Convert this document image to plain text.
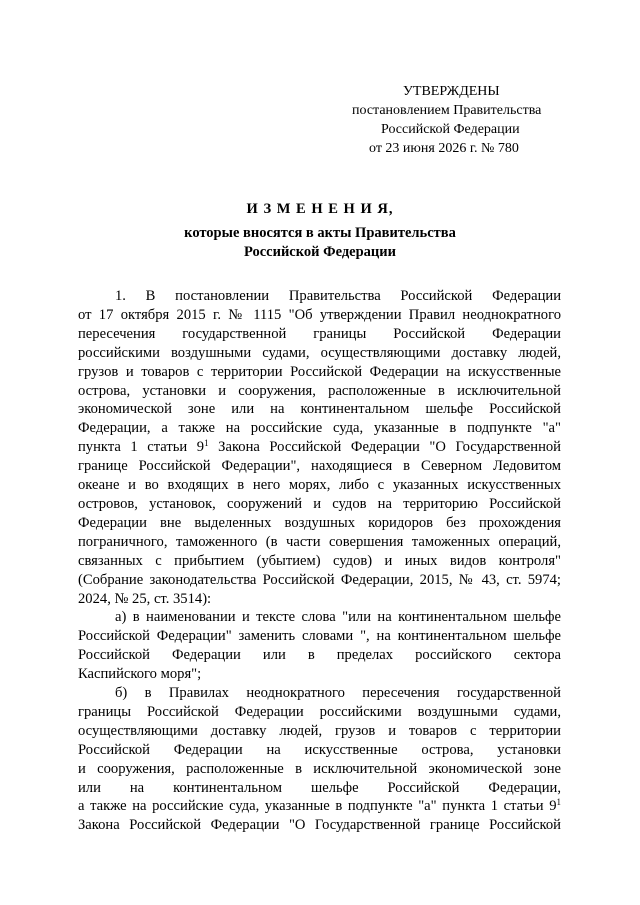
УТВЕРЖДЕНЫ
постановлением Правительства
Российской Федерации
от 23 июня 2026 г. № 780
И З М Е Н Е Н И Я,
которые вносятся в акты Правительства
Российской Федерации

1. В постановлении Правительства Российской Федерации
от 17 октября 2015 г. № 1115 "Об утверждении Правил неоднократного
пересечения государственной границы Российской Федерации
российскими воздушными судами, осуществляющими доставку людей,
грузов и товаров с территории Российской Федерации на искусственные
острова, установки и сооружения, расположенные в исключительной
экономической зоне или на континентальном шельфе Российской
Федерации, а также на российские суда, указанные в подпункте "а"
пункта 1 статьи $9^1$ Закона Российской Федерации "О Государственной
границе Российской Федерации", находящиеся в Северном Ледовитом
океане и во входящих в него морях, либо с указанных искусственных
островов, установок, сооружений и судов на территорию Российской
Федерации вне выделенных воздушных коридоров без прохождения
пограничного, таможенного (в части совершения таможенных операций,
связанных с прибытием (убытием) судов) и иных видов контроля"
(Собрание законодательства Российской Федерации, 2015, № 43, ст. 5974;
2024, № 25, ст. 3514):

а) в наименовании и тексте слова "или на континентальном шельфе
Российской Федерации" заменить словами ", на континентальном шельфе
Российской Федерации или в пределах российского сектора
Каспийского моря";

б) в Правилах неоднократного пересечения государственной
границы Российской Федерации российскими воздушными судами,
осуществляющими доставку людей, грузов и товаров с территории
Российской Федерации на искусственные острова, установки
и сооружения, расположенные в исключительной экономической зоне
или на континентальном шельфе Российской Федерации,
а также на российские суда, указанные в подпункте "а" пункта 1 статьи $9^1$
Закона Российской Федерации "О Государственной границе Российской
